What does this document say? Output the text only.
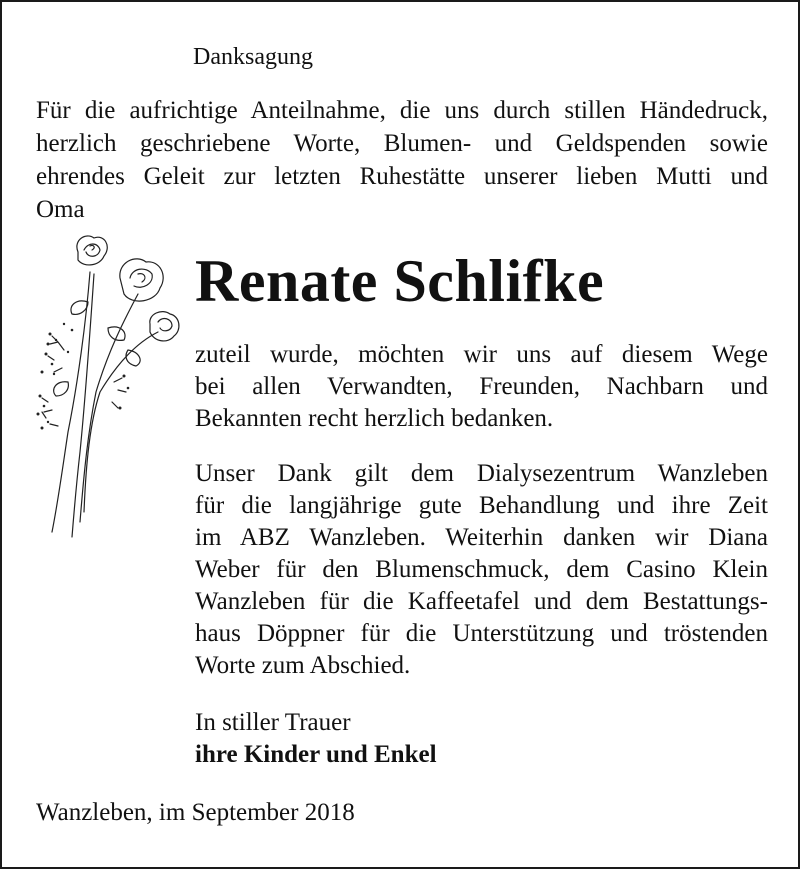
Danksagung
Für die aufrichtige Anteilnahme, die uns durch stillen Händedruck,
herzlich geschriebene Worte, Blumen- und Geldspenden sowie
ehrendes Geleit zur letzten Ruhestätte unserer lieben Mutti und
Oma
Renate Schlifke
zuteil wurde, möchten wir uns auf diesem Wege
bei allen Verwandten, Freunden, Nachbarn und
Bekannten recht herzlich bedanken.
Unser Dank gilt dem Dialysezentrum Wanzleben
für die langjährige gute Behandlung und ihre Zeit
im ABZ Wanzleben. Weiterhin danken wir Diana
Weber für den Blumenschmuck, dem Casino Klein
Wanzleben für die Kaffeetafel und dem Bestattungs-
haus Döppner für die Unterstützung und tröstenden
Worte zum Abschied.
In stiller Trauer
ihre Kinder und Enkel
Wanzleben, im September 2018
